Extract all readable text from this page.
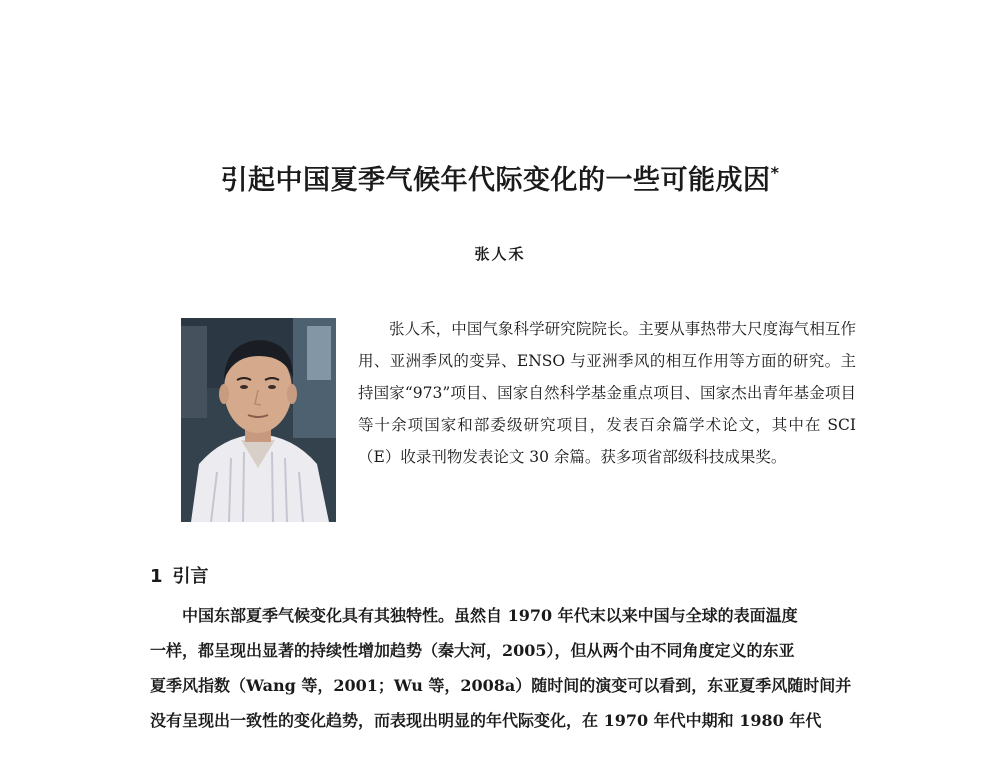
引起中国夏季气候年代际变化的一些可能成因*

张人禾

张人禾，中国气象科学研究院院长。主要从事热带大尺度海气相互作用、亚洲季风的变异、ENSO 与亚洲季风的相互作用等方面的研究。主持国家“973”项目、国家自然科学基金重点项目、国家杰出青年基金项目等十余项国家和部委级研究项目，发表百余篇学术论文，其中在 SCI（E）收录刊物发表论文 30 余篇。获多项省部级科技成果奖。

1 引言

中国东部夏季气候变化具有其独特性。虽然自 1970 年代末以来中国与全球的表面温度
一样，都呈现出显著的持续性增加趋势（秦大河，2005），但从两个由不同角度定义的东亚
夏季风指数（Wang 等，2001；Wu 等，2008a）随时间的演变可以看到，东亚夏季风随时间并
没有呈现出一致性的变化趋势，而表现出明显的年代际变化，在 1970 年代中期和 1980 年代
